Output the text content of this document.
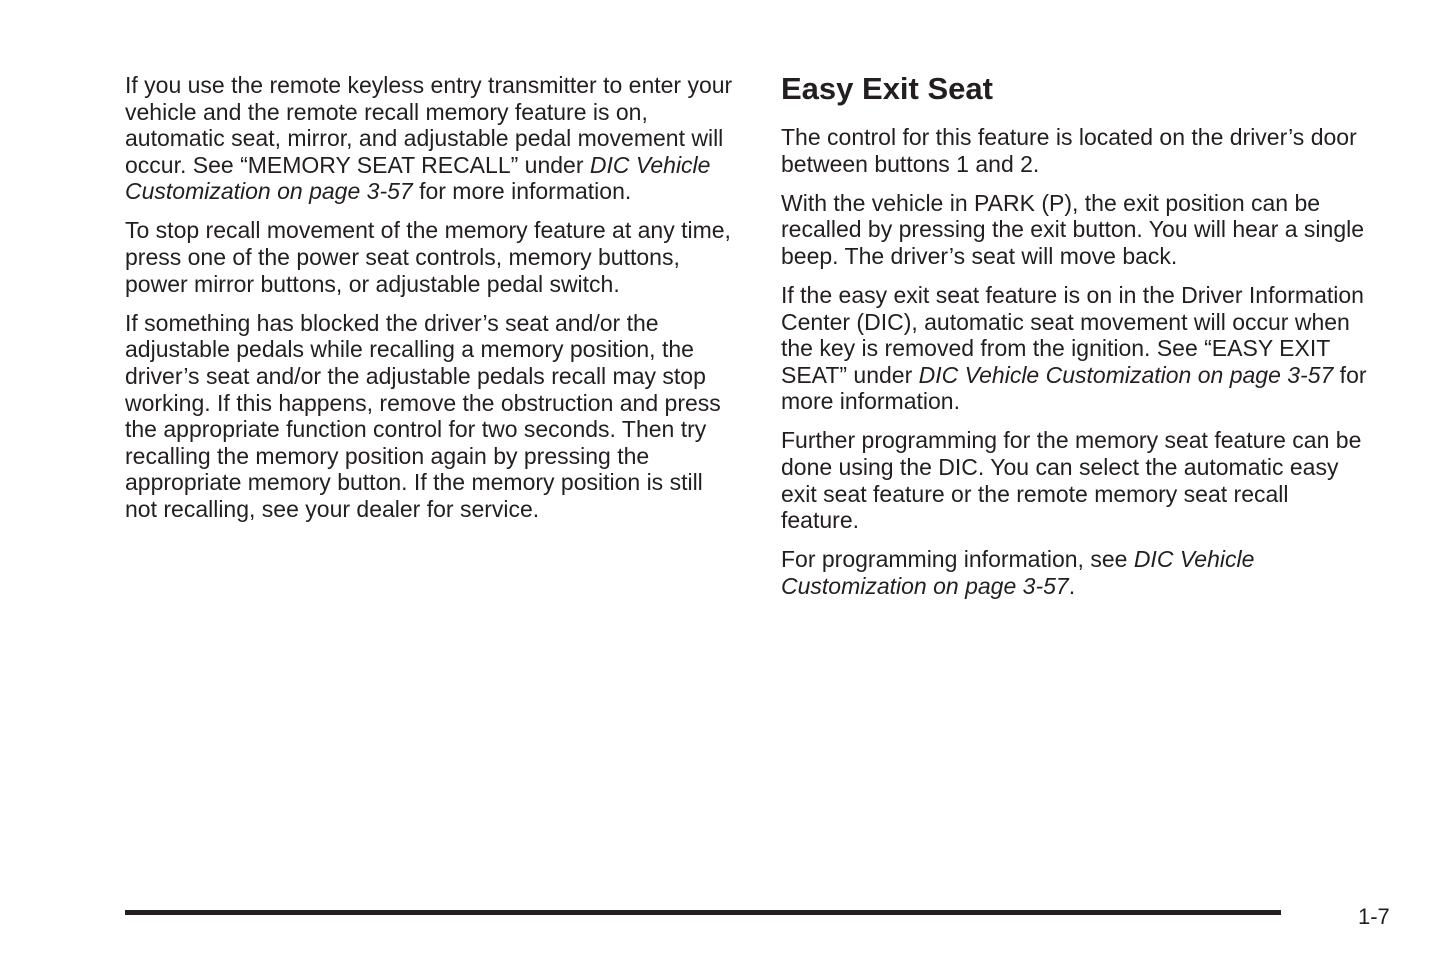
If you use the remote keyless entry transmitter to enter your vehicle and the remote recall memory feature is on, automatic seat, mirror, and adjustable pedal movement will occur. See “MEMORY SEAT RECALL” under DIC Vehicle Customization on page 3-57 for more information.

To stop recall movement of the memory feature at any time, press one of the power seat controls, memory buttons, power mirror buttons, or adjustable pedal switch.

If something has blocked the driver’s seat and/or the adjustable pedals while recalling a memory position, the driver’s seat and/or the adjustable pedals recall may stop working. If this happens, remove the obstruction and press the appropriate function control for two seconds. Then try recalling the memory position again by pressing the appropriate memory button. If the memory position is still not recalling, see your dealer for service.

Easy Exit Seat

The control for this feature is located on the driver’s door between buttons 1 and 2.

With the vehicle in PARK (P), the exit position can be recalled by pressing the exit button. You will hear a single beep. The driver’s seat will move back.

If the easy exit seat feature is on in the Driver Information Center (DIC), automatic seat movement will occur when the key is removed from the ignition. See “EASY EXIT SEAT” under DIC Vehicle Customization on page 3-57 for more information.

Further programming for the memory seat feature can be done using the DIC. You can select the automatic easy exit seat feature or the remote memory seat recall feature.

For programming information, see DIC Vehicle Customization on page 3-57.

1-7
